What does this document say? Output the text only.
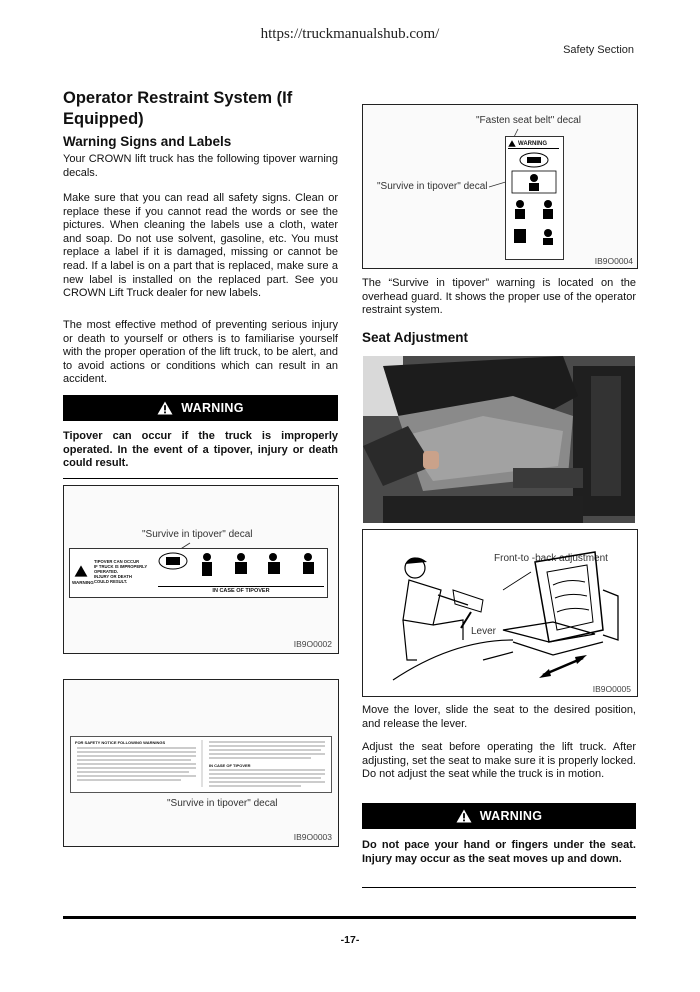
https://truckmanualshub.com/
Safety Section
Operator Restraint System (If Equipped)
Warning Signs and Labels

Your CROWN lift truck has the following tipover warning decals.

Make sure that you can read all safety signs. Clean or replace these if you cannot read the words or see the pictures. When cleaning the labels use a cloth, water and soap. Do not use solvent, gasoline, etc. You must replace a label if it is damaged, missing or cannot be read. If a label is on a part that is replaced, make sure a new label is installed on the replaced part. See you CROWN Lift Truck dealer for new labels.

The most effective method of preventing serious injury or death to yourself or others is to familiarise yourself with the proper operation of the lift truck, to be alert, and to avoid actions or conditions which can result in an accident.

WARNING

Tipover can occur if the truck is improperly operated. In the event of a tipover, injury or death could result.

"Survive in tipover" decal
WARNING
TIPOVER CAN OCCUR
IF TRUCK IS IMPROPERLY
OPERATED.
INJURY OR DEATH
COULD RESULT.
IN CASE OF TIPOVER
IB9O0002
FOR SAFETY NOTICE FOLLOWING WARNINGS
IN CASE OF TIPOVER
"Survive in tipover" decal
IB9O0003
"Fasten seat belt" decal
"Survive in tipover" decal
WARNING
IB9O0004

The “Survive in tipover” warning is located on the overhead guard. It shows the proper use of the operator restraint system.

Seat Adjustment
Front-to -back adjustment
Lever
IB9O0005

Move the lover, slide the seat to the desired position, and release the lever.

Adjust the seat before operating the lift truck. After adjusting, set the seat to make sure it is properly locked. Do not adjust the seat while the truck is in motion.

WARNING

Do not pace your hand or fingers under the seat. Injury may occur as the seat moves up and down.

-17-
